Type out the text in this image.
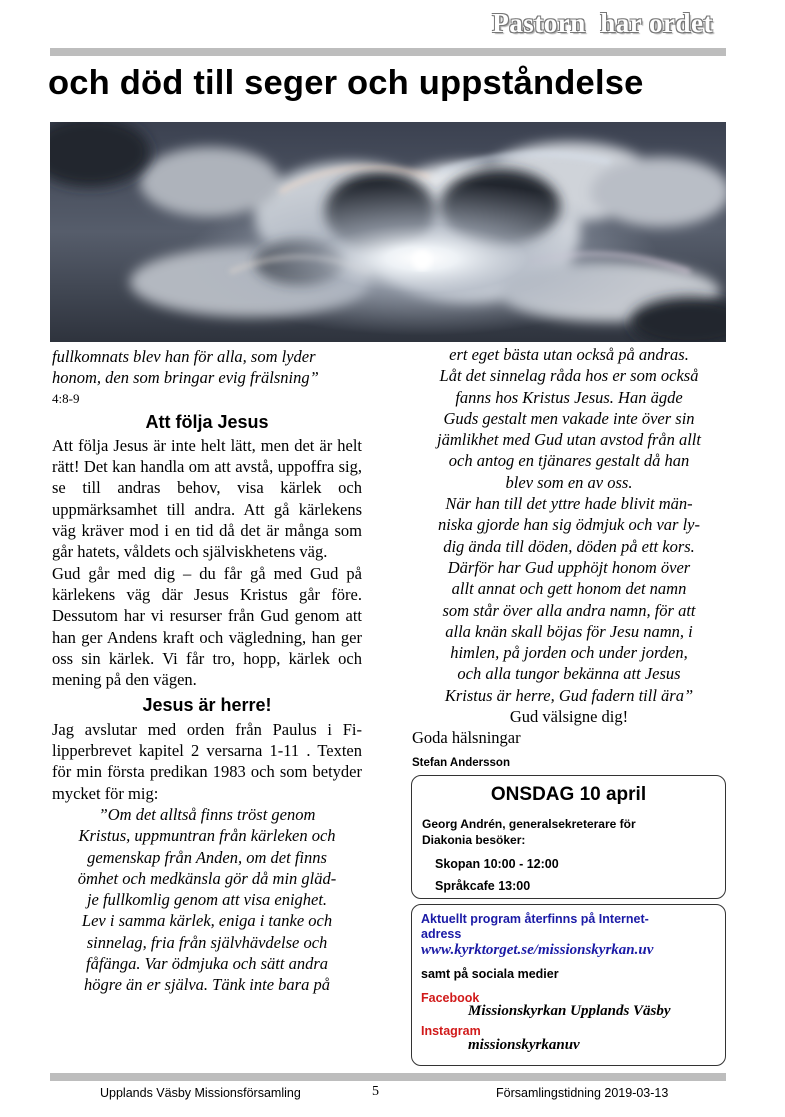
Pastorn  har ordet
och död till seger och uppståndelse
fullkomnats blev han för alla, som lyder
honom, den som bringar evig frälsning”
4:8-9
Att följa Jesus

Att följa Jesus är inte helt lätt, men det är helt rätt! Det kan handla om att avstå, uppoffra sig, se till andras behov, visa kärlek och uppmärksamhet till andra. Att gå kärlekens väg kräver mod i en tid då det är många som går hatets, våldets och själviskhetens väg.

Gud går med dig – du får gå med Gud på kärlekens väg där Jesus Kristus går före. Dessutom har vi resurser från Gud genom att han ger Andens kraft och vägledning, han ger oss sin kärlek. Vi får tro, hopp, kärlek och mening på den vägen.

Jesus är herre!

Jag avslutar med orden från Paulus i Filipperbrevet kapitel 2 versarna 1-11 . Texten för min första predikan 1983 och som betyder mycket för mig:

”Om det alltså finns tröst genom
Kristus, uppmuntran från kärleken och
gemenskap från Anden, om det finns
ömhet och medkänsla gör då min gläd-
je fullkomlig genom att visa enighet.
Lev i samma kärlek, eniga i tanke och
sinnelag, fria från självhävdelse och
fåfänga. Var ödmjuka och sätt andra
högre än er själva. Tänk inte bara på
ert eget bästa utan också på andras.
Låt det sinnelag råda hos er som också
fanns hos Kristus Jesus. Han ägde
Guds gestalt men vakade inte över sin
jämlikhet med Gud utan avstod från allt
och antog en tjänares gestalt då han
blev som en av oss.
När han till det yttre hade blivit män-
niska gjorde han sig ödmjuk och var ly-
dig ända till döden, döden på ett kors.
Därför har Gud upphöjt honom över
allt annat och gett honom det namn
som står över alla andra namn, för att
alla knän skall böjas för Jesu namn, i
himlen, på jorden och under jorden,
och alla tungor bekänna att Jesus
Kristus är herre, Gud fadern till ära”
Gud välsigne dig!
Goda hälsningar
Stefan Andersson
ONSDAG 10 april
Georg Andrén, generalsekreterare för
Diakonia besöker:
Skopan 10:00 - 12:00
Språkcafe 13:00
Aktuellt program återfinns på Internet-
adress
www.kyrktorget.se/missionskyrkan.uv
samt på sociala medier
Facebook
Missionskyrkan Upplands Väsby
Instagram
missionskyrkanuv
Upplands Väsby Missionsförsamling	5	Församlingstidning 2019-03-13
